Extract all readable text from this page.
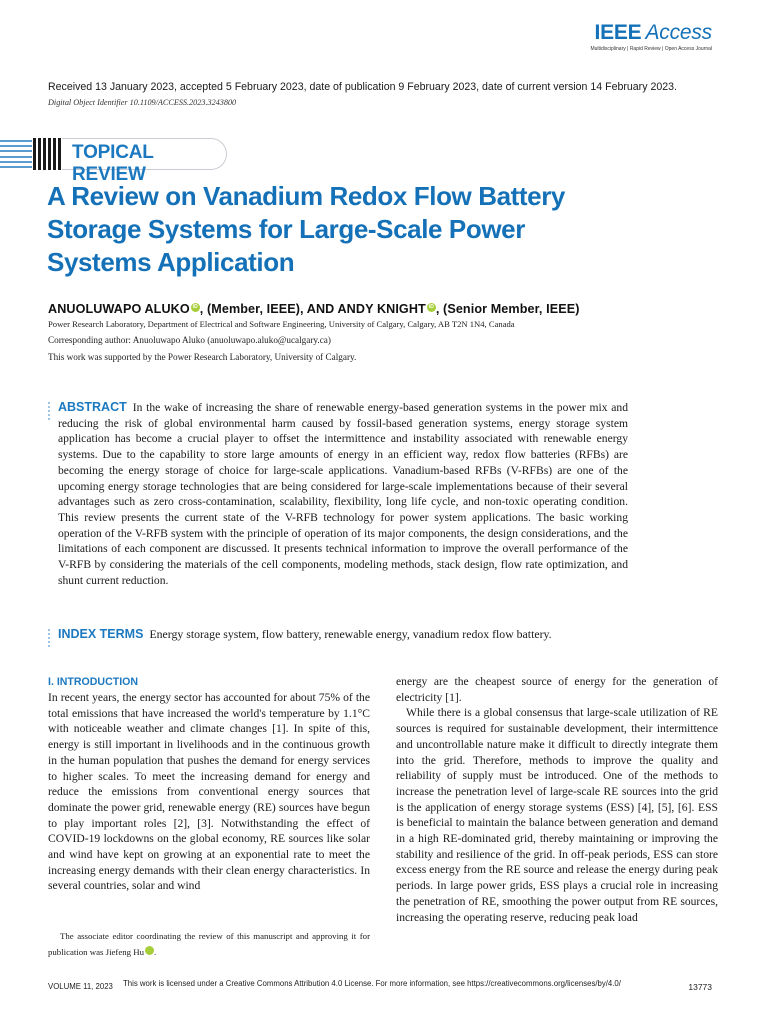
IEEE Access
Multidisciplinary | Rapid Review | Open Access Journal
Received 13 January 2023, accepted 5 February 2023, date of publication 9 February 2023, date of current version 14 February 2023.
Digital Object Identifier 10.1109/ACCESS.2023.3243800
TOPICAL REVIEW
A Review on Vanadium Redox Flow Battery Storage Systems for Large-Scale Power Systems Application
ANUOLUWAPO ALUKO iD , (Member, IEEE), AND ANDY KNIGHT iD , (Senior Member, IEEE)
Power Research Laboratory, Department of Electrical and Software Engineering, University of Calgary, Calgary, AB T2N 1N4, Canada
Corresponding author: Anuoluwapo Aluko (anuoluwapo.aluko@ucalgary.ca)
This work was supported by the Power Research Laboratory, University of Calgary.

ABSTRACT In the wake of increasing the share of renewable energy-based generation systems in the power mix and reducing the risk of global environmental harm caused by fossil-based generation systems, energy storage system application has become a crucial player to offset the intermittence and instability associated with renewable energy systems. Due to the capability to store large amounts of energy in an efficient way, redox flow batteries (RFBs) are becoming the energy storage of choice for large-scale applications. Vanadium-based RFBs (V-RFBs) are one of the upcoming energy storage technologies that are being considered for large-scale implementations because of their several advantages such as zero cross-contamination, scalability, flexibility, long life cycle, and non-toxic operating condition. This review presents the current state of the V-RFB technology for power system applications. The basic working operation of the V-RFB system with the principle of operation of its major components, the design considerations, and the limitations of each component are discussed. It presents technical information to improve the overall performance of the V-RFB by considering the materials of the cell components, modeling methods, stack design, flow rate optimization, and shunt current reduction.

INDEX TERMS Energy storage system, flow battery, renewable energy, vanadium redox flow battery.
I. INTRODUCTION

In recent years, the energy sector has accounted for about 75% of the total emissions that have increased the world's temperature by 1.1°C with noticeable weather and climate changes [1]. In spite of this, energy is still important in livelihoods and in the continuous growth in the human population that pushes the demand for energy services to higher scales. To meet the increasing demand for energy and reduce the emissions from conventional energy sources that dominate the power grid, renewable energy (RE) sources have begun to play important roles [2], [3]. Notwithstanding the effect of COVID-19 lockdowns on the global economy, RE sources like solar and wind have kept on growing at an exponential rate to meet the increasing energy demands with their clean energy characteristics. In several countries, solar and wind

energy are the cheapest source of energy for the generation of electricity [1].

While there is a global consensus that large-scale utilization of RE sources is required for sustainable development, their intermittence and uncontrollable nature make it difficult to directly integrate them into the grid. Therefore, methods to improve the quality and reliability of supply must be introduced. One of the methods to increase the penetration level of large-scale RE sources into the grid is the application of energy storage systems (ESS) [4], [5], [6]. ESS is beneficial to maintain the balance between generation and demand in a high RE-dominated grid, thereby maintaining or improving the stability and resilience of the grid. In off-peak periods, ESS can store excess energy from the RE source and release the energy during peak periods. In large power grids, ESS plays a crucial role in increasing the penetration of RE, smoothing the power output from RE sources, increasing the operating reserve, reducing peak load

The associate editor coordinating the review of this manuscript and approving it for publication was Jiefeng Hu	iD.

VOLUME 11, 2023 This work is licensed under a Creative Commons Attribution 4.0 License. For more information, see https://creativecommons.org/licenses/by/4.0/	13773
